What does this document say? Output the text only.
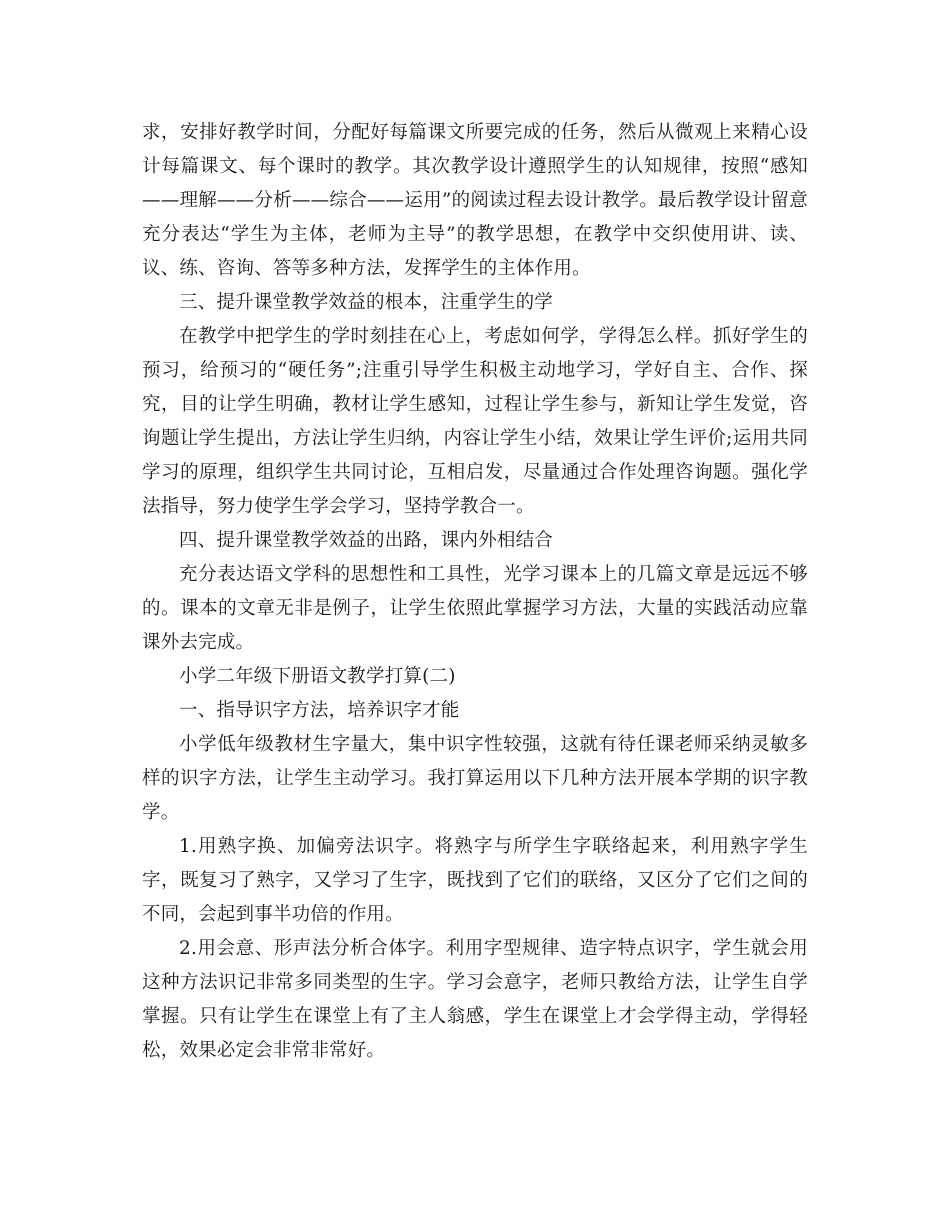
求，安排好教学时间，分配好每篇课文所要完成的任务，然后从微观上来精心设计每篇课文、每个课时的教学。其次教学设计遵照学生的认知规律，按照“感知——理解——分析——综合——运用”的阅读过程去设计教学。最后教学设计留意充分表达“学生为主体，老师为主导”的教学思想，在教学中交织使用讲、读、议、练、咨询、答等多种方法，发挥学生的主体作用。

三、提升课堂教学效益的根本，注重学生的学

在教学中把学生的学时刻挂在心上，考虑如何学，学得怎么样。抓好学生的预习，给预习的“硬任务”;注重引导学生积极主动地学习，学好自主、合作、探究，目的让学生明确，教材让学生感知，过程让学生参与，新知让学生发觉，咨询题让学生提出，方法让学生归纳，内容让学生小结，效果让学生评价;运用共同学习的原理，组织学生共同讨论，互相启发，尽量通过合作处理咨询题。强化学法指导，努力使学生学会学习，坚持学教合一。

四、提升课堂教学效益的出路，课内外相结合

充分表达语文学科的思想性和工具性，光学习课本上的几篇文章是远远不够的。课本的文章无非是例子，让学生依照此掌握学习方法，大量的实践活动应靠课外去完成。

小学二年级下册语文教学打算(二)

一、指导识字方法，培养识字才能

小学低年级教材生字量大，集中识字性较强，这就有待任课老师采纳灵敏多样的识字方法，让学生主动学习。我打算运用以下几种方法开展本学期的识字教学。

1.用熟字换、加偏旁法识字。将熟字与所学生字联络起来，利用熟字学生字，既复习了熟字，又学习了生字，既找到了它们的联络，又区分了它们之间的不同，会起到事半功倍的作用。

2.用会意、形声法分析合体字。利用字型规律、造字特点识字，学生就会用这种方法识记非常多同类型的生字。学习会意字，老师只教给方法，让学生自学掌握。只有让学生在课堂上有了主人翁感，学生在课堂上才会学得主动，学得轻松，效果必定会非常非常好。
